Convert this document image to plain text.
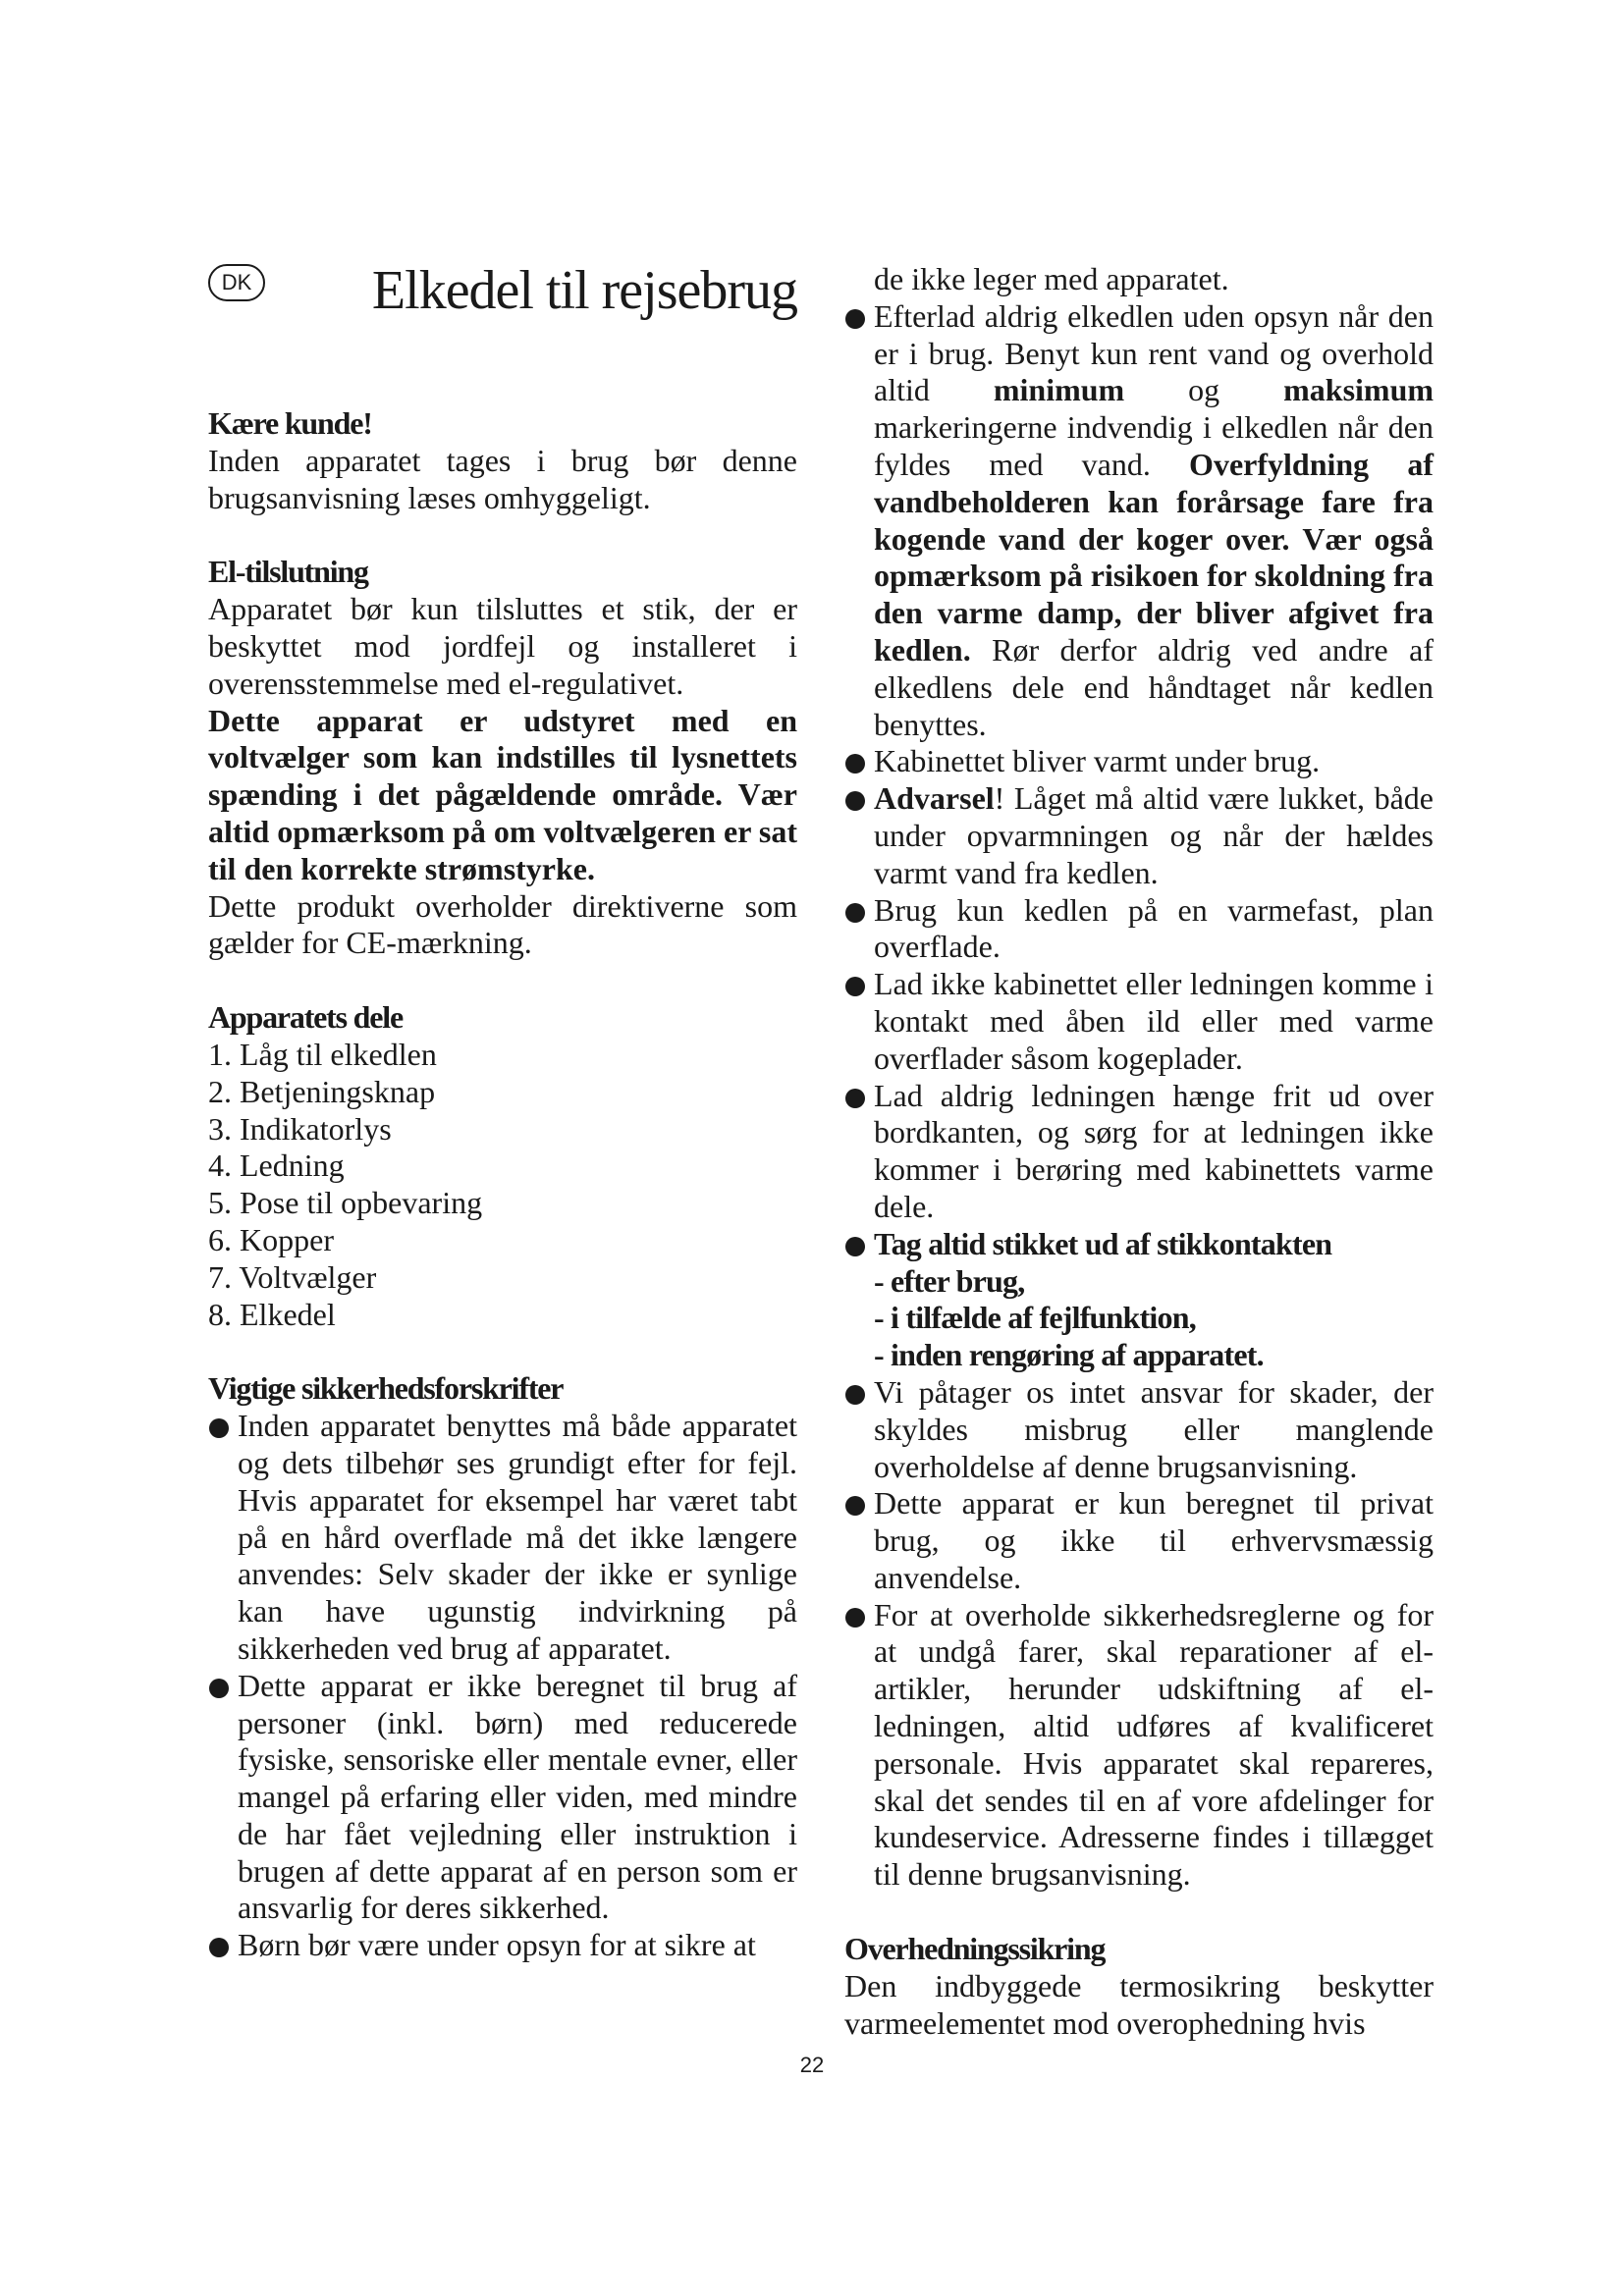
DK Elkedel til rejsebrug

Kære kunde!

Inden apparatet tages i brug bør denne brugsanvisning læses omhyggeligt.

El-tilslutning

Apparatet bør kun tilsluttes et stik, der er beskyttet mod jordfejl og installeret i overensstemmelse med el-regulativet.

Dette apparat er udstyret med en voltvælger som kan indstilles til lysnettets spænding i det pågældende område. Vær altid opmærksom på om voltvælgeren er sat til den korrekte strømstyrke.

Dette produkt overholder direktiverne som gælder for CE-mærkning.

Apparatets dele

1. Låg til elkedlen
2. Betjeningsknap
3. Indikatorlys
4. Ledning
5. Pose til opbevaring
6. Kopper
7. Voltvælger
8. Elkedel

Vigtige sikkerhedsforskrifter

Inden apparatet benyttes må både apparatet og dets tilbehør ses grundigt efter for fejl. Hvis apparatet for eksempel har været tabt på en hård overflade må det ikke længere anvendes: Selv skader der ikke er synlige kan have ugunstig indvirkning på sikkerheden ved brug af apparatet.
Dette apparat er ikke beregnet til brug af personer (inkl. børn) med reducerede fysiske, sensoriske eller mentale evner, eller mangel på erfaring eller viden, med mindre de har fået vejledning eller instruktion i brugen af dette apparat af en person som er ansvarlig for deres sikkerhed.
Børn bør være under opsyn for at sikre at

de ikke leger med apparatet.

Efterlad aldrig elkedlen uden opsyn når den er i brug. Benyt kun rent vand og overhold altid minimum og maksimum markeringerne indvendig i elkedlen når den fyldes med vand. Overfyldning af vandbeholderen kan forårsage fare fra kogende vand der koger over. Vær også opmærksom på risikoen for skoldning fra den varme damp, der bliver afgivet fra kedlen. Rør derfor aldrig ved andre af elkedlens dele end håndtaget når kedlen benyttes.
Kabinettet bliver varmt under brug.
Advarsel! Låget må altid være lukket, både under opvarmningen og når der hældes varmt vand fra kedlen.
Brug kun kedlen på en varmefast, plan overflade.
Lad ikke kabinettet eller ledningen komme i kontakt med åben ild eller med varme overflader såsom kogeplader.
Lad aldrig ledningen hænge frit ud over bordkanten, og sørg for at ledningen ikke kommer i berøring med kabinettets varme dele.
Tag altid stikket ud af stikkontakten
- efter brug,
- i tilfælde af fejlfunktion,
- inden rengøring af apparatet.
Vi påtager os intet ansvar for skader, der skyldes misbrug eller manglende overholdelse af denne brugsanvisning.
Dette apparat er kun beregnet til privat brug, og ikke til erhvervsmæssig anvendelse.
For at overholde sikkerhedsreglerne og for at undgå farer, skal reparationer af el-artikler, herunder udskiftning af el-ledningen, altid udføres af kvalificeret personale. Hvis apparatet skal repareres, skal det sendes til en af vore afdelinger for kundeservice. Adresserne findes i tillægget til denne brugsanvisning.

Overhedningssikring

Den indbyggede termosikring beskytter varmeelementet mod overophedning hvis

22
